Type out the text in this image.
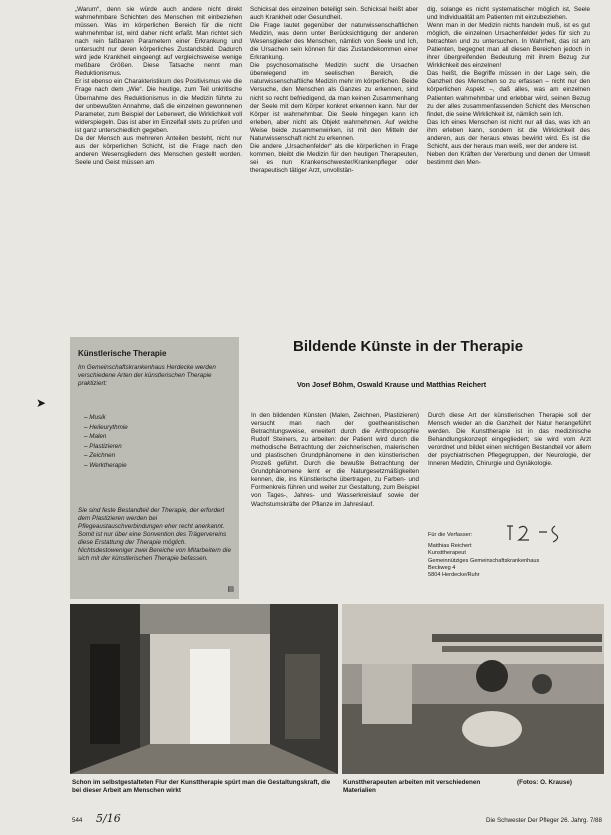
„Warum“, denn sie würde auch andere nicht direkt wahrnehmbare Schichten des Menschen mit einbeziehen müssen. Was im körperlichen Bereich für die nicht wahrnehmbar ist, wird daher nicht erfaßt. Man richtet sich nach rein faßbaren Parametern einer Erkrankung und untersucht nur deren körperliches Zustandsbild. Dadurch wird jede Krankheit eingeengt auf vergleichsweise wenige meßbare Größen. Diese Tatsache nennt man Reduktionismus.

Er ist ebenso ein Charakteristikum des Positivismus wie die Frage nach dem „Wie“. Die heutige, zum Teil unkritische Übernahme des Reduktionismus in die Medizin führte zu der unbewußten Annahme, daß die einzelnen gewonnenen Parameter, zum Beispiel der Leberwert, die Wirklichkeit voll widerspiegeln. Das ist aber im Einzelfall stets zu prüfen und ist ganz unterschiedlich gegeben.

Da der Mensch aus mehreren Anteilen besteht, nicht nur aus der körperlichen Schicht, ist die Frage nach den anderen Wesensgliedern des Menschen gestellt worden. Seele und Geist müssen am

Schicksal des einzelnen beteiligt sein. Schicksal heißt aber auch Krankheit oder Gesundheit.

Die Frage lautet gegenüber der naturwissenschaftlichen Medizin, was denn unter Berücksichtigung der anderen Wesensglieder des Menschen, nämlich von Seele und Ich, die Ursachen sein können für das Zustandekommen einer Erkrankung.

Die psychosomatische Medizin sucht die Ursachen überwiegend im seelischen Bereich, die naturwissenschaftliche Medizin mehr im körperlichen. Beide Versuche, den Menschen als Ganzes zu erkennen, sind nicht so recht befriedigend, da man keinen Zusammenhang der Seele mit dem Körper konkret erkennen kann. Nur der Körper ist wahrnehmbar. Die Seele hingegen kann ich erleben, aber nicht als Objekt wahrnehmen. Auf welche Weise beide zusammenwirken, ist mit den Mitteln der Naturwissenschaft nicht zu erkennen.

Die andere „Ursachenfelder“ als die körperlichen in Frage kommen, bleibt die Medizin für den heutigen Therapeuten, sei es nun Krankenschwester/Krankenpfleger oder therapeutisch tätiger Arzt, unvollstän-

dig, solange es nicht systematischer möglich ist, Seele und Individualität am Patienten mit einzubeziehen.

Wenn man in der Medizin nichts handeln muß, ist es gut möglich, die einzelnen Ursachenfelder jedes für sich zu betrachten und zu untersuchen. In Wahrheit, das ist am Patienten, begegnet man all diesen Bereichen jedoch in ihrer übergreifenden Bedeutung mit ihrem Bezug zur Wirklichkeit des einzelnen!

Das heißt, die Begriffe müssen in der Lage sein, die Ganzheit des Menschen so zu erfassen – nicht nur den körperlichen Aspekt –, daß alles, was am einzelnen Patienten wahrnehmbar und erlebbar wird, seinen Bezug zu der alles zusammenfassenden Schicht des Menschen findet, die seine Wirklichkeit ist, nämlich sein Ich.

Das Ich eines Menschen ist nicht nur all das, was ich an ihm erleben kann, sondern ist die Wirklichkeit des anderen, aus der heraus etwas bewirkt wird. Es ist die Schicht, aus der heraus man weiß, wer der andere ist.

Neben den Kräften der Vererbung und denen der Umwelt bestimmt den Men-

Künstlerische Therapie
Im Gemeinschaftskrankenhaus Herdecke werden verschiedene Arten der künstlerischen Therapie praktiziert:
– Musik
– Heileurythmie
– Malen
– Plastizieren
– Zeichnen
– Werktherapie
Sie sind feste Bestandteil der Therapie, der erfordert dem Plastizieren werden bei Pflegeaustauschverbindungen eher recht anerkannt. Somit ist nur über eine Sonvention des Trägervereins diese Erstattung der Therapie möglich. Nichtsdestoweniger zwei Bereiche von Mitarbeitern die sich mit der künstlerischen Therapie befassen.
▤
➤
Bildende Künste in der Therapie
Von Josef Böhm, Oswald Krause und Matthias Reichert

In den bildenden Künsten (Malen, Zeichnen, Plastizieren) versucht man nach der goetheanistischen Betrachtungsweise, erweitert durch die Anthroposophie Rudolf Steiners, zu arbeiten: der Patient wird durch die methodische Betrachtung der zeichnerischen, malerischen und plastischen Grundphänomene in den künstlerischen Prozeß geführt. Durch die bewußte Betrachtung der Grundphänomene lernt er die Naturgesetzmäßigkeiten kennen, die, ins Künstlerische übertragen, zu Farben- und Formenkreis führen und weiter zur Gestaltung, zum Beispiel von Tages-, Jahres- und Wasserkreislauf sowie der Wachstumskräfte der Pflanze im Jahreslauf.

Durch diese Art der künstlerischen Therapie soll der Mensch wieder an die Ganzheit der Natur herangeführt werden. Die Kunsttherapie ist in das medizinische Behandlungskonzept eingegliedert; sie wird vom Arzt verordnet und bildet einen wichtigen Bestandteil vor allem der psychiatrischen Pflegegruppen, der Neurologie, der Inneren Medizin, Chirurgie und Gynäkologie.

Für die Verfasser:
Matthias Reichert
Kunsttherapeut
Gemeinnütziges Gemeinschaftskrankenhaus
Beckweg 4
5804 Herdecke/Ruhr
Schon im selbstgestalteten Flur der Kunsttherapie spürt man die Gestaltungskraft, die bei dieser Arbeit am Menschen wirkt
Kunsttherapeuten arbeiten mit verschiedenen Materialien
(Fotos: O. Krause)
544 5/16	Die Schwester Der Pfleger 26. Jahrg. 7/88
